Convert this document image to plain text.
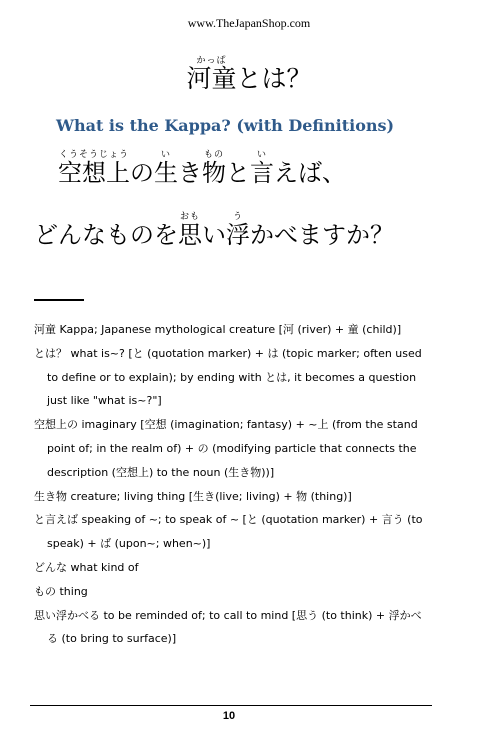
www.TheJapanShop.com
河童かっぱとは？
What is the Kappa? (with Definitions)
空想上くうそうじょうの生いき物ものと言いえば、
どんなものを思おもい浮うかべますか？
河童 Kappa; Japanese mythological creature [河 (river) + 童 (child)]
とは？ what is~? [と (quotation marker) + は (topic marker; often used to define or to explain); by ending with とは, it becomes a question just like "what is~?"]
空想上の imaginary [空想 (imagination; fantasy) + ~上 (from the stand point of; in the realm of) + の (modifying particle that connects the description (空想上) to the noun (生き物))]
生き物 creature; living thing [生き(live; living) + 物 (thing)]
と言えば speaking of ~; to speak of ~ [と (quotation marker) + 言う (to speak) + ば (upon~; when~)]
どんな what kind of
もの thing
思い浮かべる to be reminded of; to call to mind [思う (to think) + 浮かべる (to bring to surface)]
10
